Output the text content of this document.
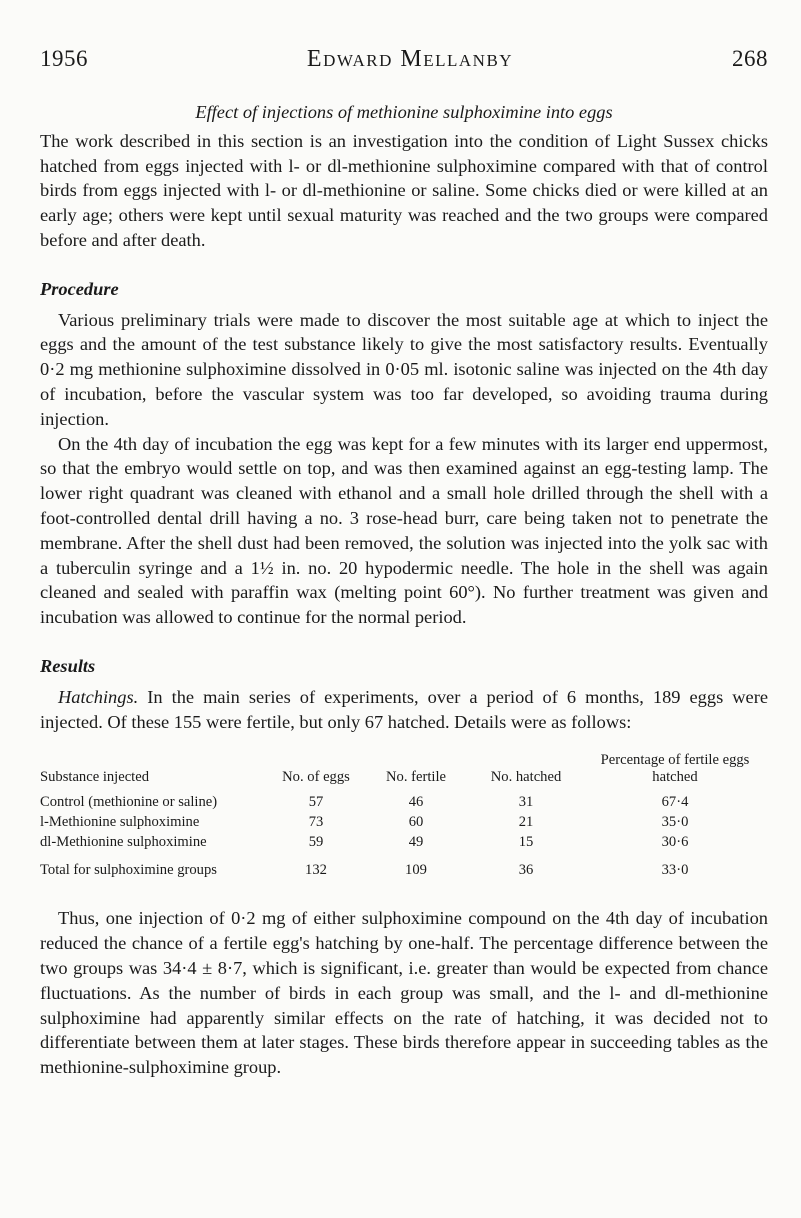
1956	Edward Mellanby	268

Effect of injections of methionine sulphoximine into eggs

The work described in this section is an investigation into the condition of Light Sussex chicks hatched from eggs injected with l- or dl-methionine sulphoximine compared with that of control birds from eggs injected with l- or dl-methionine or saline. Some chicks died or were killed at an early age; others were kept until sexual maturity was reached and the two groups were compared before and after death.

Procedure

Various preliminary trials were made to discover the most suitable age at which to inject the eggs and the amount of the test substance likely to give the most satisfactory results. Eventually 0·2 mg methionine sulphoximine dissolved in 0·05 ml. isotonic saline was injected on the 4th day of incubation, before the vascular system was too far developed, so avoiding trauma during injection.

On the 4th day of incubation the egg was kept for a few minutes with its larger end uppermost, so that the embryo would settle on top, and was then examined against an egg-testing lamp. The lower right quadrant was cleaned with ethanol and a small hole drilled through the shell with a foot-controlled dental drill having a no. 3 rose-head burr, care being taken not to penetrate the membrane. After the shell dust had been removed, the solution was injected into the yolk sac with a tuberculin syringe and a 1½ in. no. 20 hypodermic needle. The hole in the shell was again cleaned and sealed with paraffin wax (melting point 60°). No further treatment was given and incubation was allowed to continue for the normal period.

Results

Hatchings. In the main series of experiments, over a period of 6 months, 189 eggs were injected. Of these 155 were fertile, but only 67 hatched. Details were as follows:

Substance injected	No. of eggs	No. fertile	No. hatched	Percentage of fertile eggs hatched
Control (methionine or saline)	57	46	31	67·4
l-Methionine sulphoximine	73	60	21	35·0
dl-Methionine sulphoximine	59	49	15	30·6
Total for sulphoximine groups	132	109	36	33·0

Thus, one injection of 0·2 mg of either sulphoximine compound on the 4th day of incubation reduced the chance of a fertile egg's hatching by one-half. The percentage difference between the two groups was 34·4 ± 8·7, which is significant, i.e. greater than would be expected from chance fluctuations. As the number of birds in each group was small, and the l- and dl-methionine sulphoximine had apparently similar effects on the rate of hatching, it was decided not to differentiate between them at later stages. These birds therefore appear in succeeding tables as the methionine-sulphoximine group.
